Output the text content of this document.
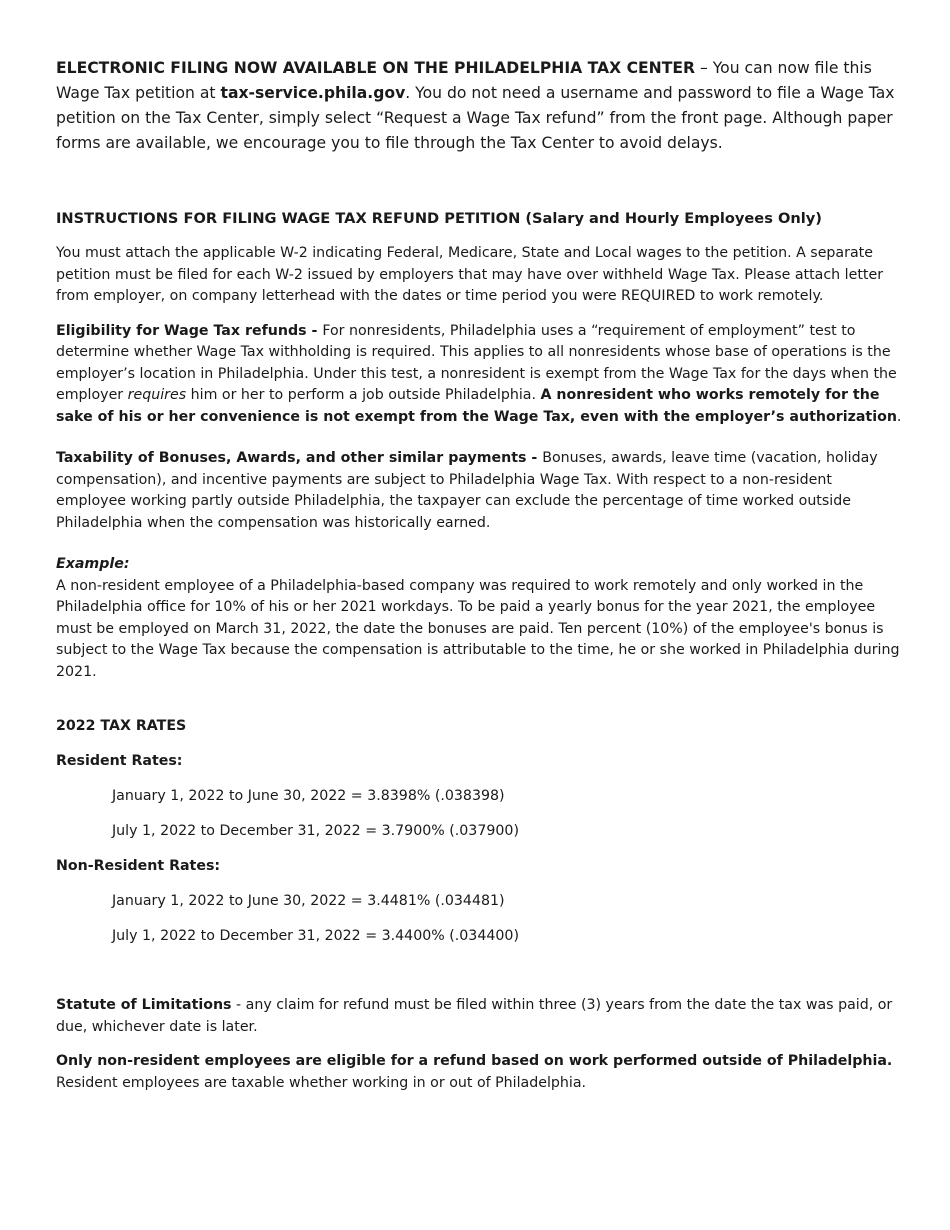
ELECTRONIC FILING NOW AVAILABLE ON THE PHILADELPHIA TAX CENTER – You can now file this Wage Tax petition at tax-service.phila.gov. You do not need a username and password to file a Wage Tax petition on the Tax Center, simply select “Request a Wage Tax refund” from the front page. Although paper forms are available, we encourage you to file through the Tax Center to avoid delays.

INSTRUCTIONS FOR FILING WAGE TAX REFUND PETITION (Salary and Hourly Employees Only)

You must attach the applicable W-2 indicating Federal, Medicare, State and Local wages to the petition. A separate petition must be filed for each W-2 issued by employers that may have over withheld Wage Tax. Please attach letter from employer, on company letterhead with the dates or time period you were REQUIRED to work remotely.

Eligibility for Wage Tax refunds - For nonresidents, Philadelphia uses a “requirement of employment” test to determine whether Wage Tax withholding is required. This applies to all nonresidents whose base of operations is the employer’s location in Philadelphia. Under this test, a nonresident is exempt from the Wage Tax for the days when the employer requires him or her to perform a job outside Philadelphia. A nonresident who works remotely for the sake of his or her convenience is not exempt from the Wage Tax, even with the employer’s authorization.

Taxability of Bonuses, Awards, and other similar payments - Bonuses, awards, leave time (vacation, holiday compensation), and incentive payments are subject to Philadelphia Wage Tax. With respect to a non-resident employee working partly outside Philadelphia, the taxpayer can exclude the percentage of time worked outside Philadelphia when the compensation was historically earned.

Example:

A non-resident employee of a Philadelphia-based company was required to work remotely and only worked in the Philadelphia office for 10% of his or her 2021 workdays. To be paid a yearly bonus for the year 2021, the employee must be employed on March 31, 2022, the date the bonuses are paid. Ten percent (10%) of the employee's bonus is subject to the Wage Tax because the compensation is attributable to the time, he or she worked in Philadelphia during 2021.

2022 TAX RATES

Resident Rates:

January 1, 2022 to June 30, 2022 = 3.8398% (.038398)

July 1, 2022 to December 31, 2022 = 3.7900% (.037900)

Non-Resident Rates:

January 1, 2022 to June 30, 2022 = 3.4481% (.034481)

July 1, 2022 to December 31, 2022 = 3.4400% (.034400)

Statute of Limitations - any claim for refund must be filed within three (3) years from the date the tax was paid, or due, whichever date is later.

Only non-resident employees are eligible for a refund based on work performed outside of Philadelphia.

Resident employees are taxable whether working in or out of Philadelphia.
